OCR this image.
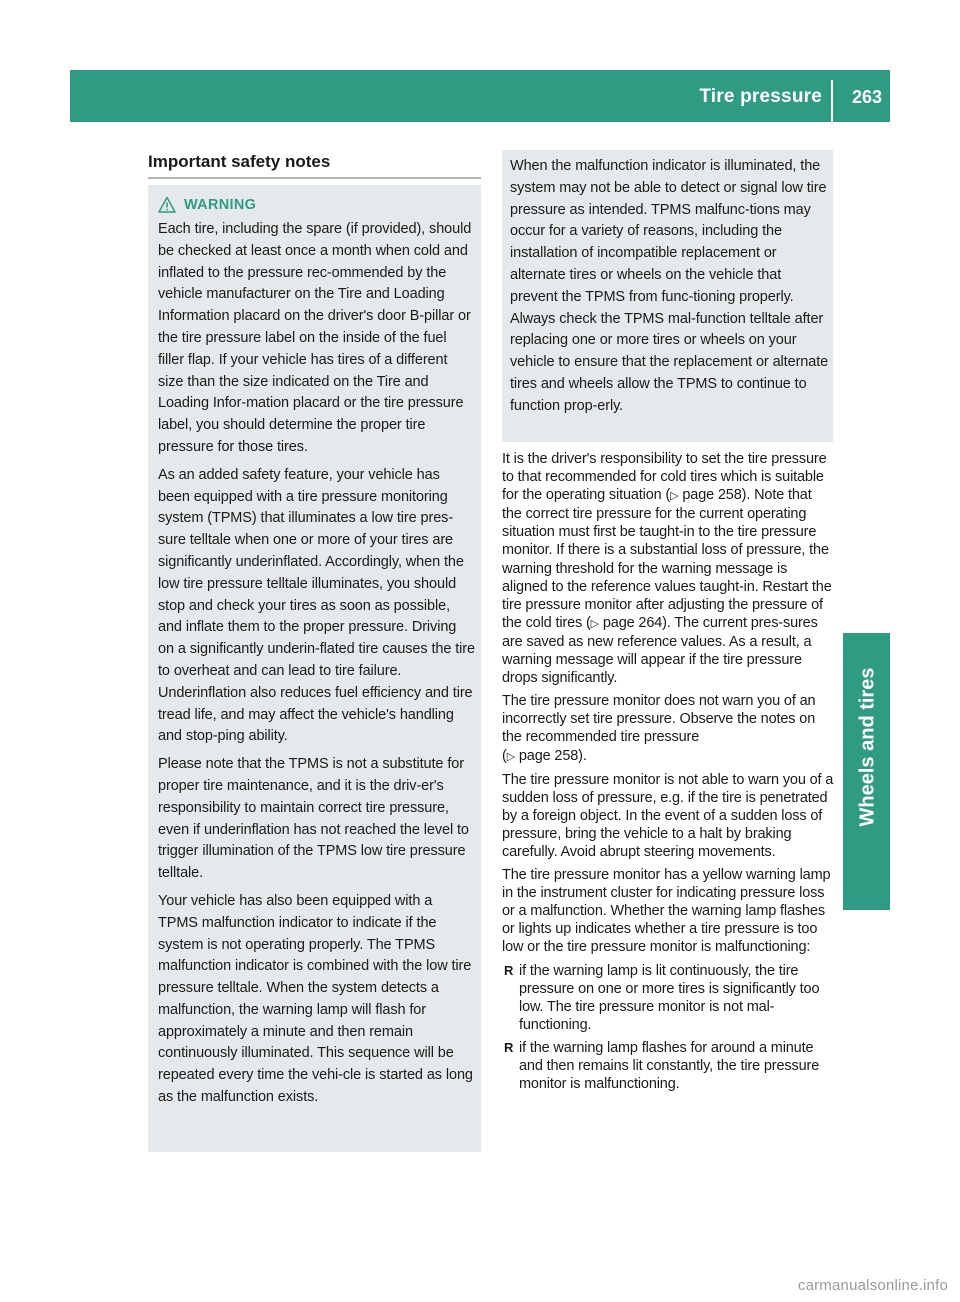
Tire pressure 263
Wheels and tires
Important safety notes
WARNING

Each tire, including the spare (if provided), should be checked at least once a month when cold and inflated to the pressure rec-ommended by the vehicle manufacturer on the Tire and Loading Information placard on the driver's door B-pillar or the tire pressure label on the inside of the fuel filler flap. If your vehicle has tires of a different size than the size indicated on the Tire and Loading Infor-mation placard or the tire pressure label, you should determine the proper tire pressure for those tires.

As an added safety feature, your vehicle has been equipped with a tire pressure monitoring system (TPMS) that illuminates a low tire pres-sure telltale when one or more of your tires are significantly underinflated. Accordingly, when the low tire pressure telltale illuminates, you should stop and check your tires as soon as possible, and inflate them to the proper pressure. Driving on a significantly underin-flated tire causes the tire to overheat and can lead to tire failure. Underinflation also reduces fuel efficiency and tire tread life, and may affect the vehicle's handling and stop-ping ability.

Please note that the TPMS is not a substitute for proper tire maintenance, and it is the driv-er's responsibility to maintain correct tire pressure, even if underinflation has not reached the level to trigger illumination of the TPMS low tire pressure telltale.

Your vehicle has also been equipped with a TPMS malfunction indicator to indicate if the system is not operating properly. The TPMS malfunction indicator is combined with the low tire pressure telltale. When the system detects a malfunction, the warning lamp will flash for approximately a minute and then remain continuously illuminated. This sequence will be repeated every time the vehi-cle is started as long as the malfunction exists.

When the malfunction indicator is illuminated, the system may not be able to detect or signal low tire pressure as intended. TPMS malfunc-tions may occur for a variety of reasons, including the installation of incompatible replacement or alternate tires or wheels on the vehicle that prevent the TPMS from func-tioning properly. Always check the TPMS mal-function telltale after replacing one or more tires or wheels on your vehicle to ensure that the replacement or alternate tires and wheels allow the TPMS to continue to function prop-erly.

It is the driver's responsibility to set the tire pressure to that recommended for cold tires which is suitable for the operating situation (▷ page 258). Note that the correct tire pressure for the current operating situation must first be taught-in to the tire pressure monitor. If there is a substantial loss of pressure, the warning threshold for the warning message is aligned to the reference values taught-in. Restart the tire pressure monitor after adjusting the pressure of the cold tires (▷ page 264). The current pres-sures are saved as new reference values. As a result, a warning message will appear if the tire pressure drops significantly.

The tire pressure monitor does not warn you of an incorrectly set tire pressure. Observe the notes on the recommended tire pressure
(▷ page 258).

The tire pressure monitor is not able to warn you of a sudden loss of pressure, e.g. if the tire is penetrated by a foreign object. In the event of a sudden loss of pressure, bring the vehicle to a halt by braking carefully. Avoid abrupt steering movements.

The tire pressure monitor has a yellow warning lamp in the instrument cluster for indicating pressure loss or a malfunction. Whether the warning lamp flashes or lights up indicates whether a tire pressure is too low or the tire pressure monitor is malfunctioning:

R if the warning lamp is lit continuously, the tire pressure on one or more tires is significantly too low. The tire pressure monitor is not mal-functioning.
R if the warning lamp flashes for around a minute and then remains lit constantly, the tire pressure monitor is malfunctioning.
carmanualsonline.info
